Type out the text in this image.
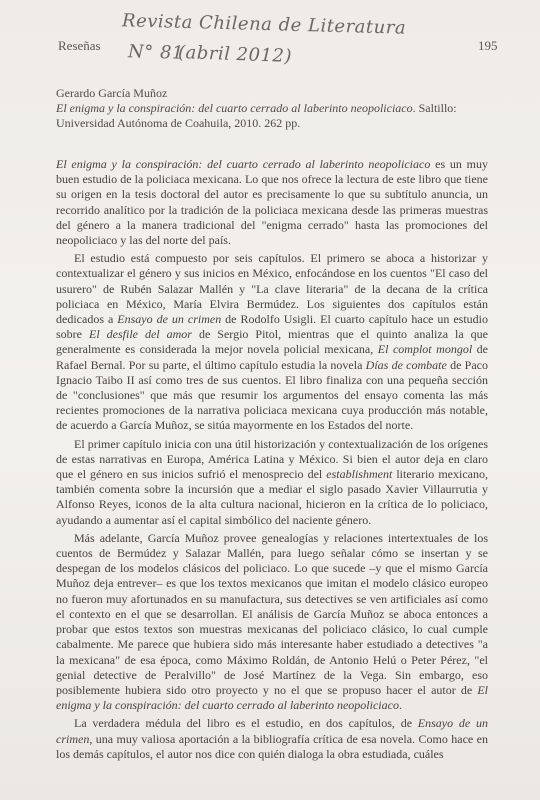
Reseñas	195
Revista Chilena de Literatura
N° 81
(abril 2012)
Gerardo García Muñoz
El enigma y la conspiración: del cuarto cerrado al laberinto neopoliciaco. Saltillo: Universidad Autónoma de Coahuila, 2010. 262 pp.

El enigma y la conspiración: del cuarto cerrado al laberinto neopoliciaco es un muy buen estudio de la policiaca mexicana. Lo que nos ofrece la lectura de este libro que tiene su origen en la tesis doctoral del autor es precisamente lo que su subtítulo anuncia, un recorrido analítico por la tradición de la policiaca mexicana desde las primeras muestras del género a la manera tradicional del "enigma cerrado" hasta las promociones del neopoliciaco y las del norte del país.

El estudio está compuesto por seis capítulos. El primero se aboca a historizar y contextualizar el género y sus inicios en México, enfocándose en los cuentos "El caso del usurero" de Rubén Salazar Mallén y "La clave literaria" de la decana de la crítica policiaca en México, María Elvira Bermúdez. Los siguientes dos capítulos están dedicados a Ensayo de un crimen de Rodolfo Usigli. El cuarto capítulo hace un estudio sobre El desfile del amor de Sergio Pitol, mientras que el quinto analiza la que generalmente es considerada la mejor novela policial mexicana, El complot mongol de Rafael Bernal. Por su parte, el último capítulo estudia la novela Días de combate de Paco Ignacio Taibo II así como tres de sus cuentos. El libro finaliza con una pequeña sección de "conclusiones" que más que resumir los argumentos del ensayo comenta las más recientes promociones de la narrativa policiaca mexicana cuya producción más notable, de acuerdo a García Muñoz, se sitúa mayormente en los Estados del norte.

El primer capítulo inicia con una útil historización y contextualización de los orígenes de estas narrativas en Europa, América Latina y México. Si bien el autor deja en claro que el género en sus inicios sufrió el menosprecio del establishment literario mexicano, también comenta sobre la incursión que a mediar el siglo pasado Xavier Villaurrutia y Alfonso Reyes, iconos de la alta cultura nacional, hicieron en la crítica de lo policiaco, ayudando a aumentar así el capital simbólico del naciente género.

Más adelante, García Muñoz provee genealogías y relaciones intertextuales de los cuentos de Bermúdez y Salazar Mallén, para luego señalar cómo se insertan y se despegan de los modelos clásicos del policiaco. Lo que sucede –y que el mismo García Muñoz deja entrever– es que los textos mexicanos que imitan el modelo clásico europeo no fueron muy afortunados en su manufactura, sus detectives se ven artificiales así como el contexto en el que se desarrollan. El análisis de García Muñoz se aboca entonces a probar que estos textos son muestras mexicanas del policiaco clásico, lo cual cumple cabalmente. Me parece que hubiera sido más interesante haber estudiado a detectives "a la mexicana" de esa época, como Máximo Roldán, de Antonio Helú o Peter Pérez, "el genial detective de Peralvillo" de José Martínez de la Vega. Sin embargo, eso posiblemente hubiera sido otro proyecto y no el que se propuso hacer el autor de El enigma y la conspiración: del cuarto cerrado al laberinto neopoliciaco.

La verdadera médula del libro es el estudio, en dos capítulos, de Ensayo de un crimen, una muy valiosa aportación a la bibliografía crítica de esa novela. Como hace en los demás capítulos, el autor nos dice con quién dialoga la obra estudiada, cuáles
